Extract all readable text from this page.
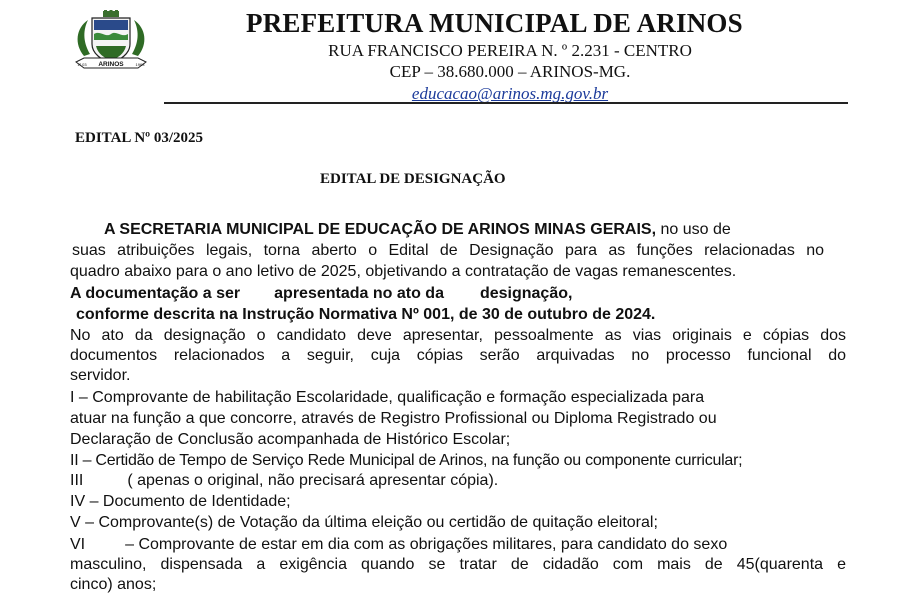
ARINOS
1º.03	1963
PREFEITURA MUNICIPAL DE ARINOS
RUA FRANCISCO PEREIRA N. º 2.231 - CENTRO
CEP – 38.680.000 – ARINOS-MG.
educacao@arinos.mg.gov.br
EDITAL Nº 03/2025
EDITAL DE DESIGNAÇÃO
A SECRETARIA MUNICIPAL DE EDUCAÇÃO DE ARINOS MINAS GERAIS, no uso de
suas atribuições legais, torna aberto o Edital de Designação para as funções relacionadas no
quadro abaixo para o ano letivo de 2025, objetivando a contratação de vagas remanescentes.
A documentação a ser apresentada no ato da designação,
conforme descrita na Instrução Normativa Nº 001, de 30 de outubro de 2024.
No ato da designação o candidato deve apresentar, pessoalmente as vias originais e cópias dos
documentos relacionados a seguir, cuja cópias serão arquivadas no processo funcional do
servidor.
I – Comprovante de habilitação Escolaridade, qualificação e formação especializada para
atuar na função a que concorre, através de Registro Profissional ou Diploma Registrado ou
Declaração de Conclusão acompanhada de Histórico Escolar;
II – Certidão de Tempo de Serviço Rede Municipal de Arinos, na função ou componente curricular;
III	( apenas o original, não precisará apresentar cópia).
IV – Documento de Identidade;
V – Comprovante(s) de Votação da última eleição ou certidão de quitação eleitoral;
VI	– Comprovante de estar em dia com as obrigações militares, para candidato do sexo
masculino, dispensada a exigência quando se tratar de cidadão com mais de 45(quarenta e
cinco) anos;
